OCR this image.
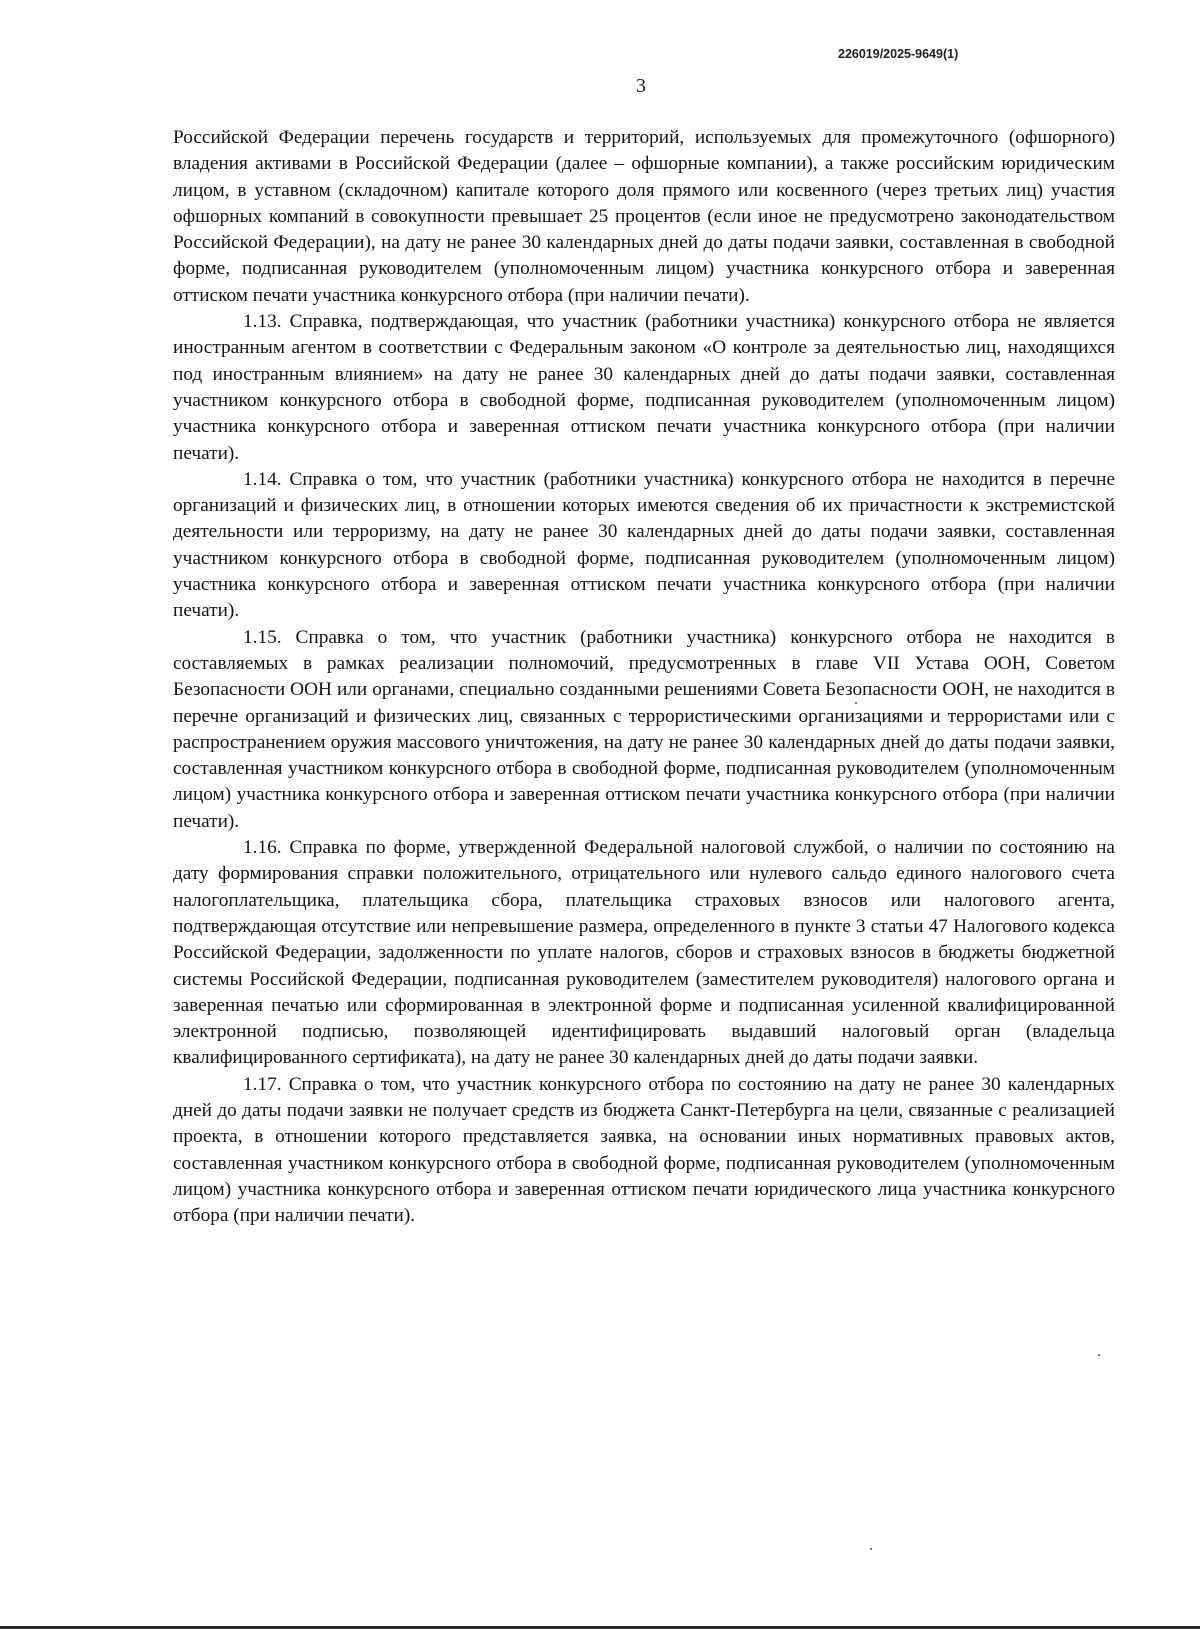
226019/2025-9649(1)
3

Российской Федерации перечень государств и территорий, используемых для промежуточного (офшорного) владения активами в Российской Федерации (далее – офшорные компании), а также российским юридическим лицом, в уставном (складочном) капитале которого доля прямого или косвенного (через третьих лиц) участия офшорных компаний в совокупности превышает 25 процентов (если иное не предусмотрено законодательством Российской Федерации), на дату не ранее 30 календарных дней до даты подачи заявки, составленная в свободной форме, подписанная руководителем (уполномоченным лицом) участника конкурсного отбора и заверенная оттиском печати участника конкурсного отбора (при наличии печати).

1.13. Справка, подтверждающая, что участник (работники участника) конкурсного отбора не является иностранным агентом в соответствии с Федеральным законом «О контроле за деятельностью лиц, находящихся под иностранным влиянием» на дату не ранее 30 календарных дней до даты подачи заявки, составленная участником конкурсного отбора в свободной форме, подписанная руководителем (уполномоченным лицом) участника конкурсного отбора и заверенная оттиском печати участника конкурсного отбора (при наличии печати).

1.14. Справка о том, что участник (работники участника) конкурсного отбора не находится в перечне организаций и физических лиц, в отношении которых имеются сведения об их причастности к экстремистской деятельности или терроризму, на дату не ранее 30 календарных дней до даты подачи заявки, составленная участником конкурсного отбора в свободной форме, подписанная руководителем (уполномоченным лицом) участника конкурсного отбора и заверенная оттиском печати участника конкурсного отбора (при наличии печати).

1.15. Справка о том, что участник (работники участника) конкурсного отбора не находится в составляемых в рамках реализации полномочий, предусмотренных в главе VII Устава ООН, Советом Безопасности ООН или органами, специально созданными решениями Совета Безопасности ООН, не находится в перечне организаций и физических лиц, связанных с террористическими организациями и террористами или с распространением оружия массового уничтожения, на дату не ранее 30 календарных дней до даты подачи заявки, составленная участником конкурсного отбора в свободной форме, подписанная руководителем (уполномоченным лицом) участника конкурсного отбора и заверенная оттиском печати участника конкурсного отбора (при наличии печати).

1.16. Справка по форме, утвержденной Федеральной налоговой службой, о наличии по состоянию на дату формирования справки положительного, отрицательного или нулевого сальдо единого налогового счета налогоплательщика, плательщика сбора, плательщика страховых взносов или налогового агента, подтверждающая отсутствие или непревышение размера, определенного в пункте 3 статьи 47 Налогового кодекса Российской Федерации, задолженности по уплате налогов, сборов и страховых взносов в бюджеты бюджетной системы Российской Федерации, подписанная руководителем (заместителем руководителя) налогового органа и заверенная печатью или сформированная в электронной форме и подписанная усиленной квалифицированной электронной подписью, позволяющей идентифицировать выдавший налоговый орган (владельца квалифицированного сертификата), на дату не ранее 30 календарных дней до даты подачи заявки.

1.17. Справка о том, что участник конкурсного отбора по состоянию на дату не ранее 30 календарных дней до даты подачи заявки не получает средств из бюджета Санкт-Петербурга на цели, связанные с реализацией проекта, в отношении которого представляется заявка, на основании иных нормативных правовых актов, составленная участником конкурсного отбора в свободной форме, подписанная руководителем (уполномоченным лицом) участника конкурсного отбора и заверенная оттиском печати юридического лица участника конкурсного отбора (при наличии печати).
